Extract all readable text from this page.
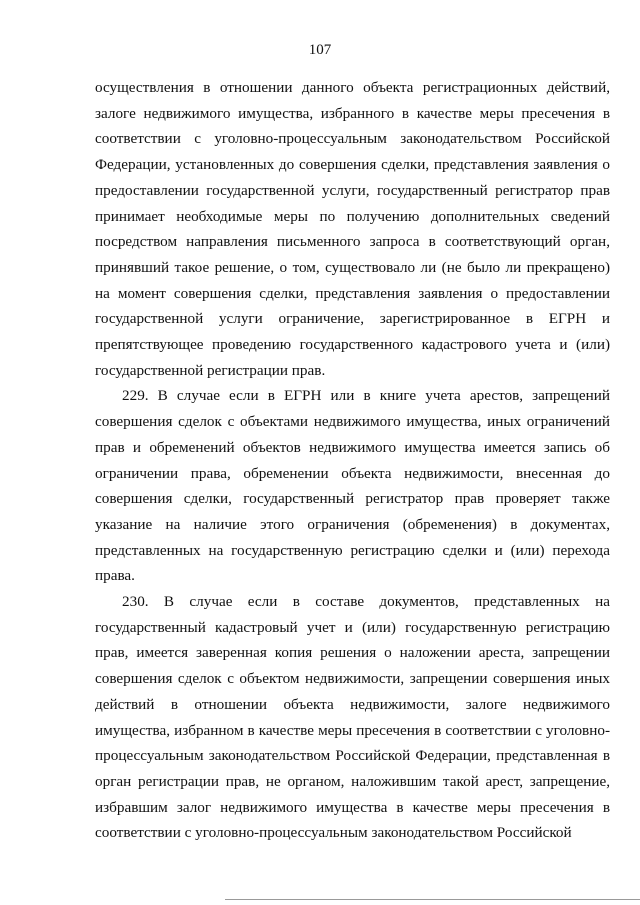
107

осуществления в отношении данного объекта регистрационных действий, залоге недвижимого имущества, избранного в качестве меры пресечения в соответствии с уголовно-процессуальным законодательством Российской Федерации, установленных до совершения сделки, представления заявления о предоставлении государственной услуги, государственный регистратор прав принимает необходимые меры по получению дополнительных сведений посредством направления письменного запроса в соответствующий орган, принявший такое решение, о том, существовало ли (не было ли прекращено) на момент совершения сделки, представления заявления о предоставлении государственной услуги ограничение, зарегистрированное в ЕГРН и препятствующее проведению государственного кадастрового учета и (или) государственной регистрации прав.

229. В случае если в ЕГРН или в книге учета арестов, запрещений совершения сделок с объектами недвижимого имущества, иных ограничений прав и обременений объектов недвижимого имущества имеется запись об ограничении права, обременении объекта недвижимости, внесенная до совершения сделки, государственный регистратор прав проверяет также указание на наличие этого ограничения (обременения) в документах, представленных на государственную регистрацию сделки и (или) перехода права.

230. В случае если в составе документов, представленных на государственный кадастровый учет и (или) государственную регистрацию прав, имеется заверенная копия решения о наложении ареста, запрещении совершения сделок с объектом недвижимости, запрещении совершения иных действий в отношении объекта недвижимости, залоге недвижимого имущества, избранном в качестве меры пресечения в соответствии с уголовно-процессуальным законодательством Российской Федерации, представленная в орган регистрации прав, не органом, наложившим такой арест, запрещение, избравшим залог недвижимого имущества в качестве меры пресечения в соответствии с уголовно-процессуальным законодательством Российской
